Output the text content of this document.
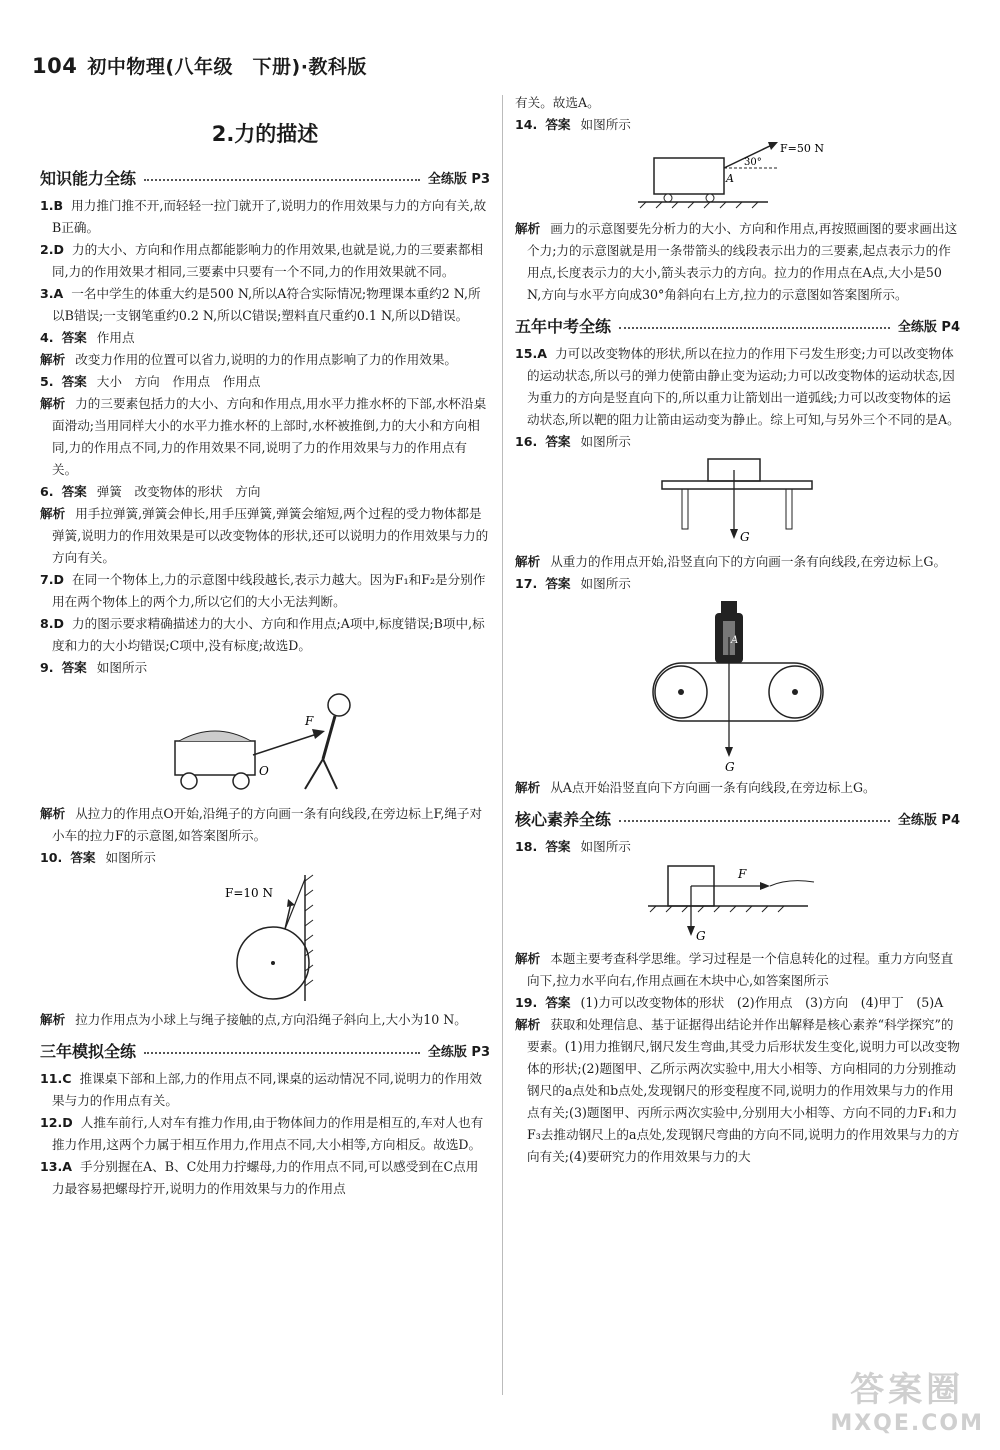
104 初中物理(八年级　下册)·教科版
2.力的描述
知识能力全练	全练版 P3

1.B 用力推门推不开,而轻轻一拉门就开了,说明力的作用效果与力的方向有关,故B正确。

2.D 力的大小、方向和作用点都能影响力的作用效果,也就是说,力的三要素都相同,力的作用效果才相同,三要素中只要有一个不同,力的作用效果就不同。

3.A 一名中学生的体重大约是500 N,所以A符合实际情况;物理课本重约2 N,所以B错误;一支钢笔重约0.2 N,所以C错误;塑料直尺重约0.1 N,所以D错误。

4. 答案 作用点

解析 改变力作用的位置可以省力,说明的力的作用点影响了力的作用效果。

5. 答案 大小　方向　作用点　作用点

解析 力的三要素包括力的大小、方向和作用点,用水平力推水杯的下部,水杯沿桌面滑动;当用同样大小的水平力推水杯的上部时,水杯被推倒,力的大小和方向相同,力的作用点不同,力的作用效果不同,说明了力的作用效果与力的作用点有关。

6. 答案 弹簧　改变物体的形状　方向

解析 用手拉弹簧,弹簧会伸长,用手压弹簧,弹簧会缩短,两个过程的受力物体都是弹簧,说明力的作用效果是可以改变物体的形状,还可以说明力的作用效果与力的方向有关。

7.D 在同一个物体上,力的示意图中线段越长,表示力越大。因为F₁和F₂是分别作用在两个物体上的两个力,所以它们的大小无法判断。

8.D 力的图示要求精确描述力的大小、方向和作用点;A项中,标度错误;B项中,标度和力的大小均错误;C项中,没有标度;故选D。

9. 答案 如图所示

F
O

解析 从拉力的作用点O开始,沿绳子的方向画一条有向线段,在旁边标上F,绳子对小车的拉力F的示意图,如答案图所示。

10. 答案 如图所示

F=10 N

解析 拉力作用点为小球上与绳子接触的点,方向沿绳子斜向上,大小为10 N。

三年模拟全练	全练版 P3

11.C 推课桌下部和上部,力的作用点不同,课桌的运动情况不同,说明力的作用效果与力的作用点有关。

12.D 人推车前行,人对车有推力作用,由于物体间力的作用是相互的,车对人也有推力作用,这两个力属于相互作用力,作用点不同,大小相等,方向相反。故选D。

13.A 手分别握在A、B、C处用力拧螺母,力的作用点不同,可以感受到在C点用力最容易把螺母拧开,说明力的作用效果与力的作用点

有关。故选A。

14. 答案 如图所示

F=50 N
30°
A

解析 画力的示意图要先分析力的大小、方向和作用点,再按照画图的要求画出这个力;力的示意图就是用一条带箭头的线段表示出力的三要素,起点表示力的作用点,长度表示力的大小,箭头表示力的方向。拉力的作用点在A点,大小是50 N,方向与水平方向成30°角斜向右上方,拉力的示意图如答案图所示。

五年中考全练	全练版 P4

15.A 力可以改变物体的形状,所以在拉力的作用下弓发生形变;力可以改变物体的运动状态,所以弓的弹力使箭由静止变为运动;力可以改变物体的运动状态,因为重力的方向是竖直向下的,所以重力让箭划出一道弧线;力可以改变物体的运动状态,所以靶的阻力让箭由运动变为静止。综上可知,与另外三个不同的是A。

16. 答案 如图所示

G

解析 从重力的作用点开始,沿竖直向下的方向画一条有向线段,在旁边标上G。

17. 答案 如图所示

A
G

解析 从A点开始沿竖直向下方向画一条有向线段,在旁边标上G。

核心素养全练	全练版 P4

18. 答案 如图所示

F
G

解析 本题主要考查科学思维。学习过程是一个信息转化的过程。重力方向竖直向下,拉力水平向右,作用点画在木块中心,如答案图所示

19. 答案 (1)力可以改变物体的形状　(2)作用点　(3)方向　(4)甲丁　(5)A

解析 获取和处理信息、基于证据得出结论并作出解释是核心素养“科学探究”的要素。(1)用力推钢尺,钢尺发生弯曲,其受力后形状发生变化,说明力可以改变物体的形状;(2)题图甲、乙所示两次实验中,用大小相等、方向相同的力分别推动钢尺的a点处和b点处,发现钢尺的形变程度不同,说明力的作用效果与力的作用点有关;(3)题图甲、丙所示两次实验中,分别用大小相等、方向不同的力F₁和力F₃去推动钢尺上的a点处,发现钢尺弯曲的方向不同,说明力的作用效果与力的方向有关;(4)要研究力的作用效果与力的大

答案圈
MXQE.COM
